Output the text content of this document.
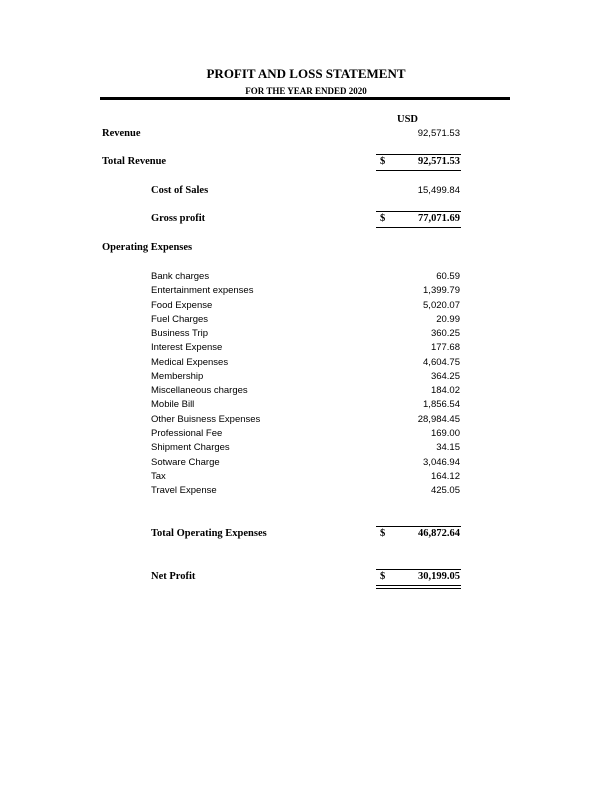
PROFIT AND LOSS STATEMENT
FOR THE YEAR ENDED 2020
USD
Revenue	92,571.53
Total Revenue	$	92,571.53
Cost of Sales	15,499.84
Gross profit	$	77,071.69
Operating Expenses
Bank charges	60.59
Entertainment expenses	1,399.79
Food Expense	5,020.07
Fuel Charges	20.99
Business Trip	360.25
Interest Expense	177.68
Medical Expenses	4,604.75
Membership	364.25
Miscellaneous charges	184.02
Mobile Bill	1,856.54
Other Buisness Expenses	28,984.45
Professional Fee	169.00
Shipment Charges	34.15
Sotware Charge	3,046.94
Tax	164.12
Travel Expense	425.05
Total Operating Expenses	$	46,872.64
Net Profit	$	30,199.05
